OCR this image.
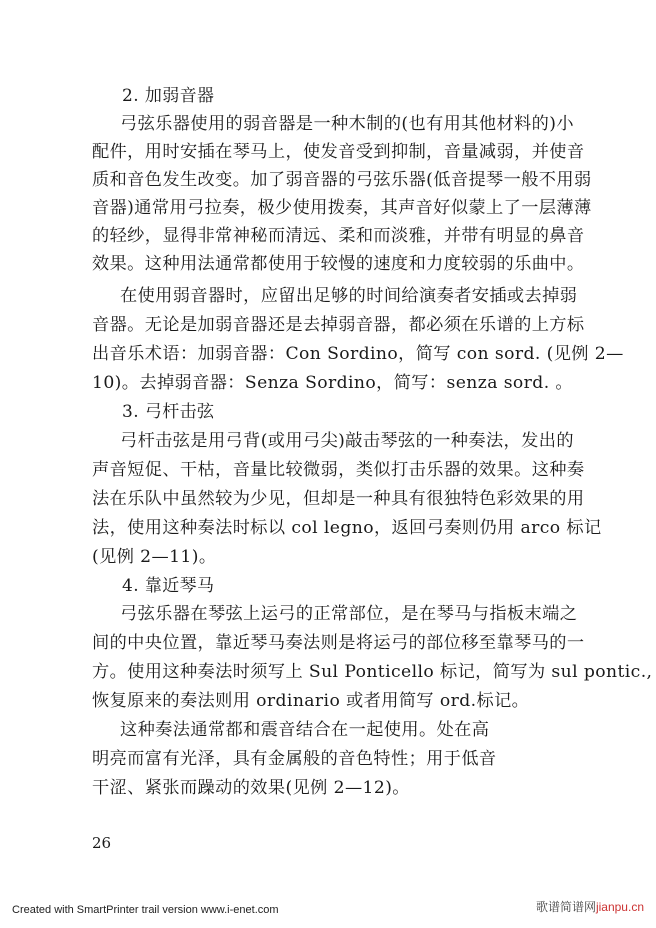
2. 加弱音器
弓弦乐器使用的弱音器是一种木制的(也有用其他材料的)小
配件，用时安插在琴马上，使发音受到抑制，音量减弱，并使音
质和音色发生改变。加了弱音器的弓弦乐器(低音提琴一般不用弱
音器)通常用弓拉奏，极少使用拨奏，其声音好似蒙上了一层薄薄
的轻纱，显得非常神秘而清远、柔和而淡雅，并带有明显的鼻音
效果。这种用法通常都使用于较慢的速度和力度较弱的乐曲中。
在使用弱音器时，应留出足够的时间给演奏者安插或去掉弱
音器。无论是加弱音器还是去掉弱音器，都必须在乐谱的上方标
出音乐术语：加弱音器：Con Sordino，简写 con sord. (见例 2—
10)。去掉弱音器：Senza Sordino，简写：senza sord. 。
3. 弓杆击弦
弓杆击弦是用弓背(或用弓尖)敲击琴弦的一种奏法，发出的
声音短促、干枯，音量比较微弱，类似打击乐器的效果。这种奏
法在乐队中虽然较为少见，但却是一种具有很独特色彩效果的用
法，使用这种奏法时标以 col legno，返回弓奏则仍用 arco 标记
(见例 2—11)。
4. 靠近琴马
弓弦乐器在琴弦上运弓的正常部位，是在琴马与指板末端之
间的中央位置，靠近琴马奏法则是将运弓的部位移至靠琴马的一
方。使用这种奏法时须写上 Sul Ponticello 标记，简写为 sul pontic.,
恢复原来的奏法则用 ordinario 或者用简写 ord.标记。
这种奏法通常都和震音结合在一起使用。处在高
明亮而富有光泽，具有金属般的音色特性；用于低音
干涩、紧张而躁动的效果(见例 2—12)。
26
Created with SmartPrinter trail version www.i-enet.com	歌谱简谱网jianpu.cn
